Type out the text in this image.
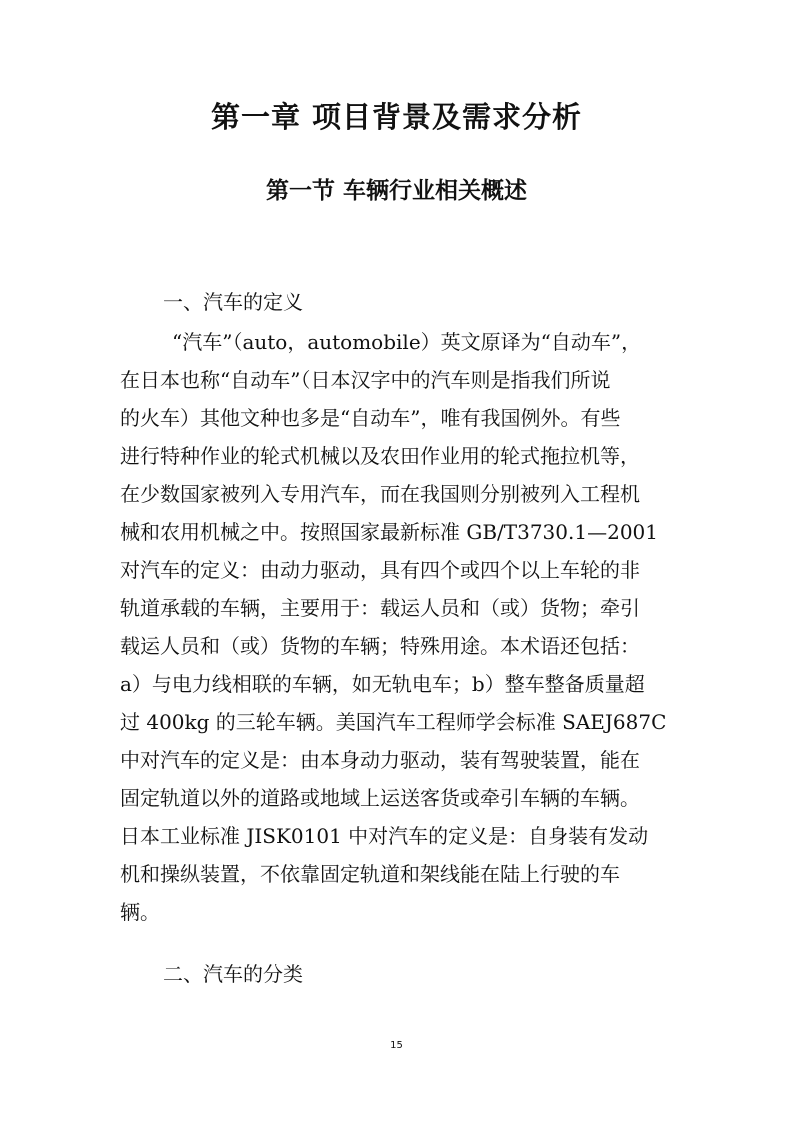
第一章 项目背景及需求分析
第一节 车辆行业相关概述
一、汽车的定义
“汽车”（auto，automobile）英文原译为“自动车”，
在日本也称“自动车”（日本汉字中的汽车则是指我们所说
的火车）其他文种也多是“自动车”，唯有我国例外。有些
进行特种作业的轮式机械以及农田作业用的轮式拖拉机等，
在少数国家被列入专用汽车，而在我国则分别被列入工程机
械和农用机械之中。按照国家最新标准 GB/T3730.1—2001
对汽车的定义：由动力驱动，具有四个或四个以上车轮的非
轨道承载的车辆，主要用于：载运人员和（或）货物；牵引
载运人员和（或）货物的车辆；特殊用途。本术语还包括：
a）与电力线相联的车辆，如无轨电车；b）整车整备质量超
过 400kg 的三轮车辆。美国汽车工程师学会标准 SAEJ687C
中对汽车的定义是：由本身动力驱动，装有驾驶装置，能在
固定轨道以外的道路或地域上运送客货或牵引车辆的车辆。
日本工业标准 JISK0101 中对汽车的定义是：自身装有发动
机和操纵装置，不依靠固定轨道和架线能在陆上行驶的车
辆。
二、汽车的分类
15
